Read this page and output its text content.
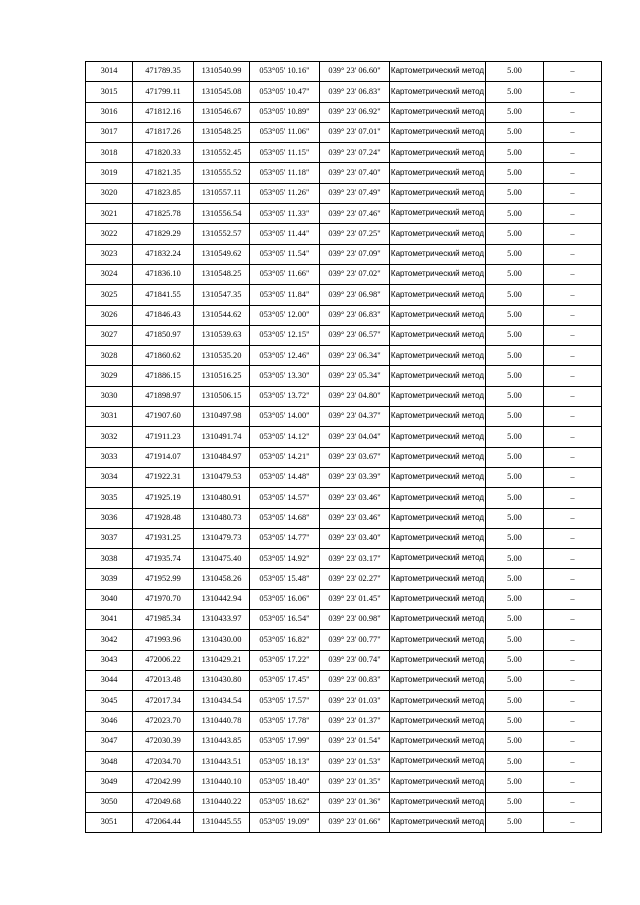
3014	471789.35	1310540.99	053°05' 10.16"	039° 23' 06.60"	Картометрический метод	5.00	–
3015	471799.11	1310545.08	053°05' 10.47"	039° 23' 06.83"	Картометрический метод	5.00	–
3016	471812.16	1310546.67	053°05' 10.89"	039° 23' 06.92"	Картометрический метод	5.00	–
3017	471817.26	1310548.25	053°05' 11.06"	039° 23' 07.01"	Картометрический метод	5.00	–
3018	471820.33	1310552.45	053°05' 11.15"	039° 23' 07.24"	Картометрический метод	5.00	–
3019	471821.35	1310555.52	053°05' 11.18"	039° 23' 07.40"	Картометрический метод	5.00	–
3020	471823.85	1310557.11	053°05' 11.26"	039° 23' 07.49"	Картометрический метод	5.00	–
3021	471825.78	1310556.54	053°05' 11.33"	039° 23' 07.46"	Картометрический метод	5.00	–
3022	471829.29	1310552.57	053°05' 11.44"	039° 23' 07.25"	Картометрический метод	5.00	–
3023	471832.24	1310549.62	053°05' 11.54"	039° 23' 07.09"	Картометрический метод	5.00	–
3024	471836.10	1310548.25	053°05' 11.66"	039° 23' 07.02"	Картометрический метод	5.00	–
3025	471841.55	1310547.35	053°05' 11.84"	039° 23' 06.98"	Картометрический метод	5.00	–
3026	471846.43	1310544.62	053°05' 12.00"	039° 23' 06.83"	Картометрический метод	5.00	–
3027	471850.97	1310539.63	053°05' 12.15"	039° 23' 06.57"	Картометрический метод	5.00	–
3028	471860.62	1310535.20	053°05' 12.46"	039° 23' 06.34"	Картометрический метод	5.00	–
3029	471886.15	1310516.25	053°05' 13.30"	039° 23' 05.34"	Картометрический метод	5.00	–
3030	471898.97	1310506.15	053°05' 13.72"	039° 23' 04.80"	Картометрический метод	5.00	–
3031	471907.60	1310497.98	053°05' 14.00"	039° 23' 04.37"	Картометрический метод	5.00	–
3032	471911.23	1310491.74	053°05' 14.12"	039° 23' 04.04"	Картометрический метод	5.00	–
3033	471914.07	1310484.97	053°05' 14.21"	039° 23' 03.67"	Картометрический метод	5.00	–
3034	471922.31	1310479.53	053°05' 14.48"	039° 23' 03.39"	Картометрический метод	5.00	–
3035	471925.19	1310480.91	053°05' 14.57"	039° 23' 03.46"	Картометрический метод	5.00	–
3036	471928.48	1310480.73	053°05' 14.68"	039° 23' 03.46"	Картометрический метод	5.00	–
3037	471931.25	1310479.73	053°05' 14.77"	039° 23' 03.40"	Картометрический метод	5.00	–
3038	471935.74	1310475.40	053°05' 14.92"	039° 23' 03.17"	Картометрический метод	5.00	–
3039	471952.99	1310458.26	053°05' 15.48"	039° 23' 02.27"	Картометрический метод	5.00	–
3040	471970.70	1310442.94	053°05' 16.06"	039° 23' 01.45"	Картометрический метод	5.00	–
3041	471985.34	1310433.97	053°05' 16.54"	039° 23' 00.98"	Картометрический метод	5.00	–
3042	471993.96	1310430.00	053°05' 16.82"	039° 23' 00.77"	Картометрический метод	5.00	–
3043	472006.22	1310429.21	053°05' 17.22"	039° 23' 00.74"	Картометрический метод	5.00	–
3044	472013.48	1310430.80	053°05' 17.45"	039° 23' 00.83"	Картометрический метод	5.00	–
3045	472017.34	1310434.54	053°05' 17.57"	039° 23' 01.03"	Картометрический метод	5.00	–
3046	472023.70	1310440.78	053°05' 17.78"	039° 23' 01.37"	Картометрический метод	5.00	–
3047	472030.39	1310443.85	053°05' 17.99"	039° 23' 01.54"	Картометрический метод	5.00	–
3048	472034.70	1310443.51	053°05' 18.13"	039° 23' 01.53"	Картометрический метод	5.00	–
3049	472042.99	1310440.10	053°05' 18.40"	039° 23' 01.35"	Картометрический метод	5.00	–
3050	472049.68	1310440.22	053°05' 18.62"	039° 23' 01.36"	Картометрический метод	5.00	–
3051	472064.44	1310445.55	053°05' 19.09"	039° 23' 01.66"	Картометрический метод	5.00	–
